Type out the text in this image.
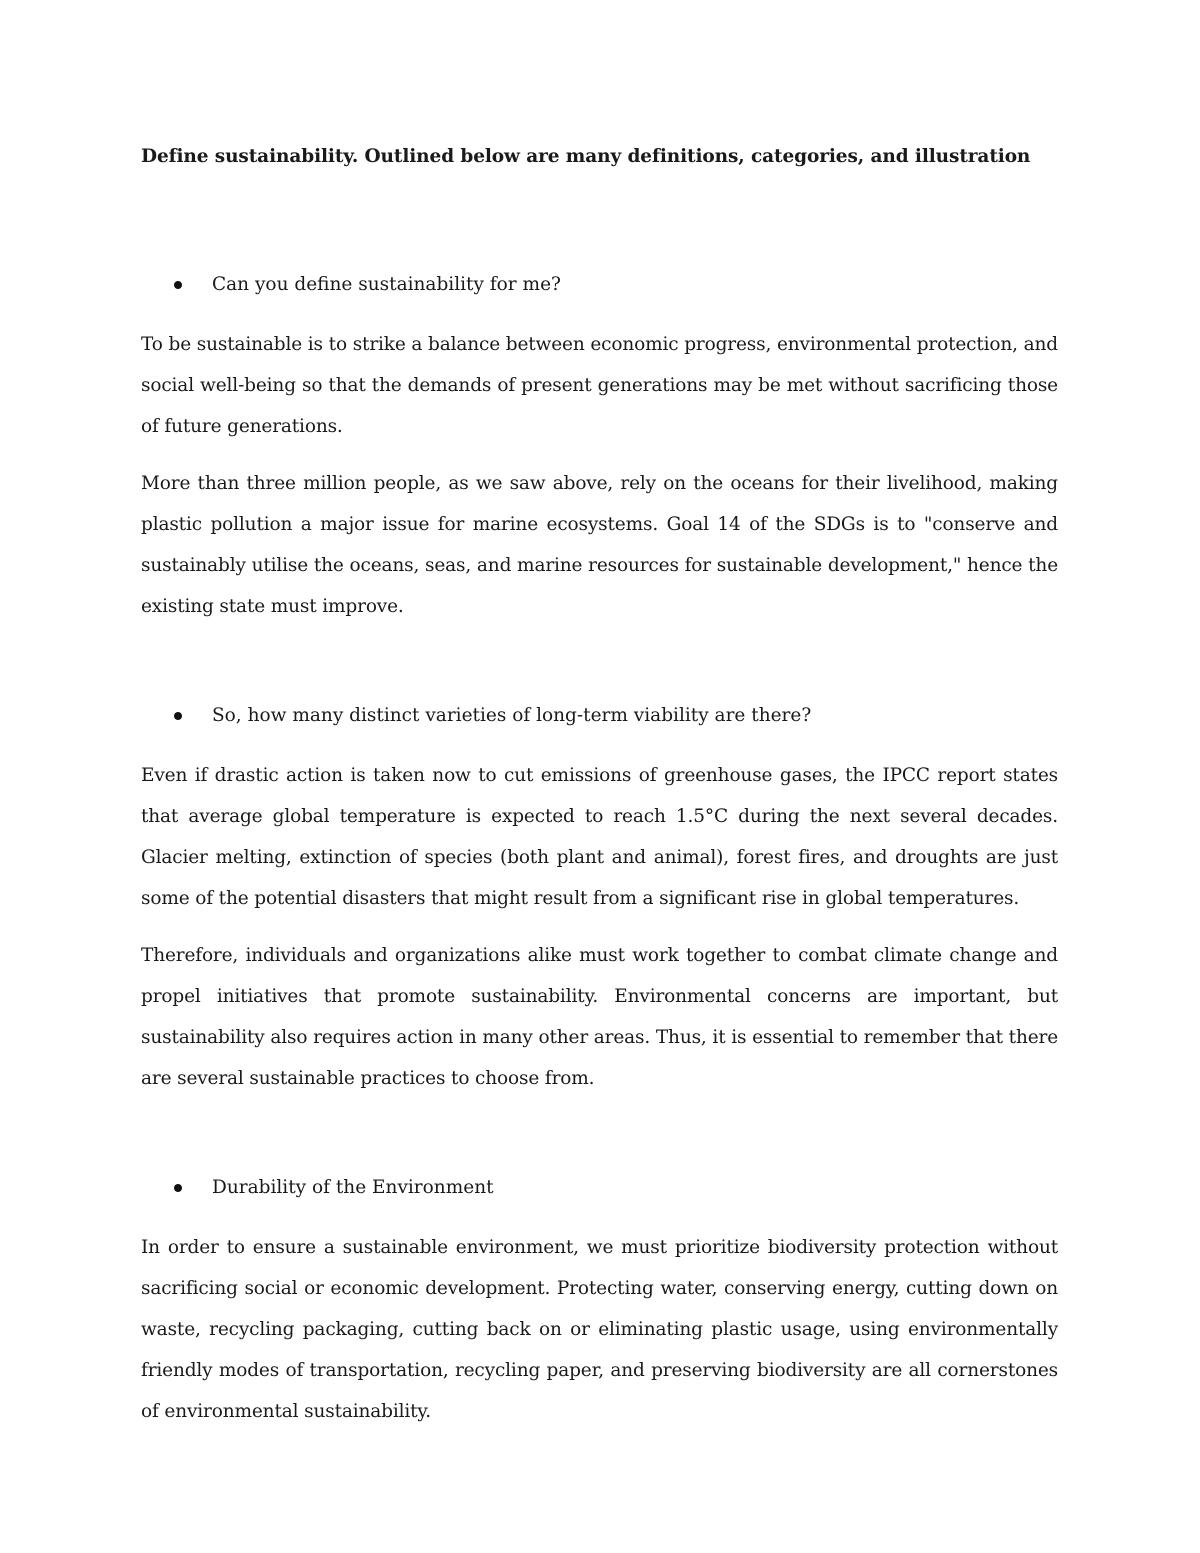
Define sustainability. Outlined below are many definitions, categories, and illustration

Can you define sustainability for me?

To be sustainable is to strike a balance between economic progress, environmental protection, and social well-being so that the demands of present generations may be met without sacrificing those of future generations.

More than three million people, as we saw above, rely on the oceans for their livelihood, making plastic pollution a major issue for marine ecosystems. Goal 14 of the SDGs is to "conserve and sustainably utilise the oceans, seas, and marine resources for sustainable development," hence the existing state must improve.

So, how many distinct varieties of long-term viability are there?

Even if drastic action is taken now to cut emissions of greenhouse gases, the IPCC report states that average global temperature is expected to reach 1.5°C during the next several decades. Glacier melting, extinction of species (both plant and animal), forest fires, and droughts are just some of the potential disasters that might result from a significant rise in global temperatures.

Therefore, individuals and organizations alike must work together to combat climate change and propel initiatives that promote sustainability. Environmental concerns are important, but sustainability also requires action in many other areas. Thus, it is essential to remember that there are several sustainable practices to choose from.

Durability of the Environment

In order to ensure a sustainable environment, we must prioritize biodiversity protection without sacrificing social or economic development. Protecting water, conserving energy, cutting down on waste, recycling packaging, cutting back on or eliminating plastic usage, using environmentally friendly modes of transportation, recycling paper, and preserving biodiversity are all cornerstones of environmental sustainability.
